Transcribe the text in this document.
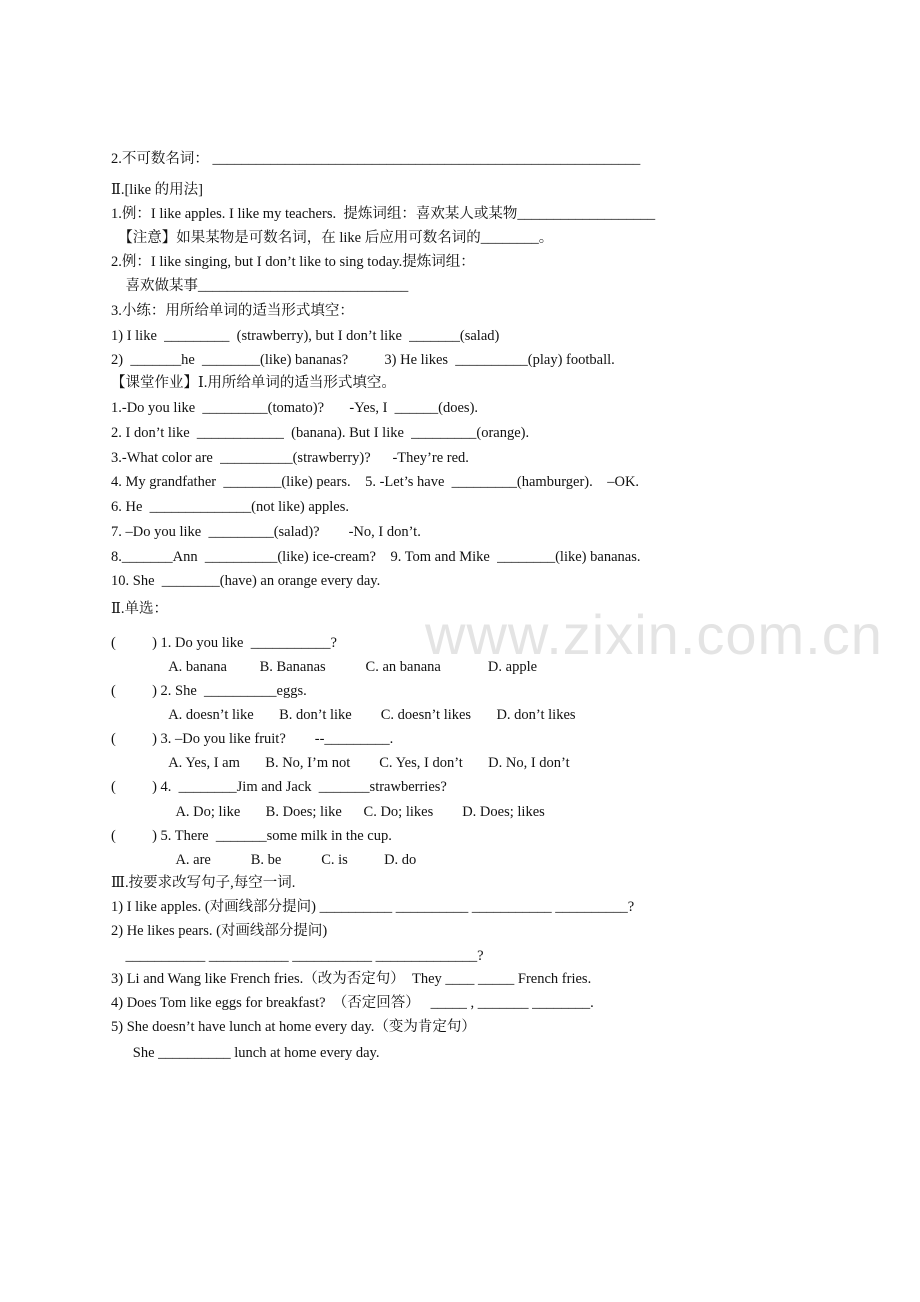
2.不可数名词： ___________________________________________________________
Ⅱ.[like 的用法]
1.例：I like apples. I like my teachers.  提炼词组：喜欢某人或某物___________________
【注意】如果某物是可数名词，在 like 后应用可数名词的________。
2.例：I like singing, but I don’t like to sing today.提炼词组：
喜欢做某事_____________________________
3.小练：用所给单词的适当形式填空：
1) I like  _________  (strawberry), but I don’t like  _______(salad)
2)  _______he  ________(like) bananas?          3) He likes  __________(play) football.
【课堂作业】Ⅰ.用所给单词的适当形式填空。
1.-Do you like  _________(tomato)?       -Yes, I  ______(does).
2. I don’t like  ____________  (banana). But I like  _________(orange).
3.-What color are  __________(strawberry)?      -They’re red.
4. My grandfather  ________(like) pears.    5. -Let’s have  _________(hamburger).    –OK.
6. He  ______________(not like) apples.
7. –Do you like  _________(salad)?        -No, I don’t.
8._______Ann  __________(like) ice-cream?    9. Tom and Mike  ________(like) bananas.
10. She  ________(have) an orange every day.
Ⅱ.单选：
(          ) 1. Do you like  ___________?
A. banana         B. Bananas           C. an banana             D. apple
(          ) 2. She  __________eggs.
A. doesn’t like       B. don’t like        C. doesn’t likes       D. don’t likes
(          ) 3. –Do you like fruit?        --_________.
A. Yes, I am       B. No, I’m not        C. Yes, I don’t       D. No, I don’t
(          ) 4.  ________Jim and Jack  _______strawberries?
A. Do; like       B. Does; like      C. Do; likes        D. Does; likes
(          ) 5. There  _______some milk in the cup.
A. are           B. be           C. is          D. do
Ⅲ.按要求改写句子,每空一词.
1) I like apples. (对画线部分提问) __________ __________ ___________ __________?
2) He likes pears. (对画线部分提问)
___________ ___________ ___________ ______________?
3) Li and Wang like French fries.（改为否定句）  They ____ _____ French fries.
4) Does Tom like eggs for breakfast?  （否定回答）   _____ , _______ ________.
5) She doesn’t have lunch at home every day.（变为肯定句）
She __________ lunch at home every day.
www.zixin.com.cn
